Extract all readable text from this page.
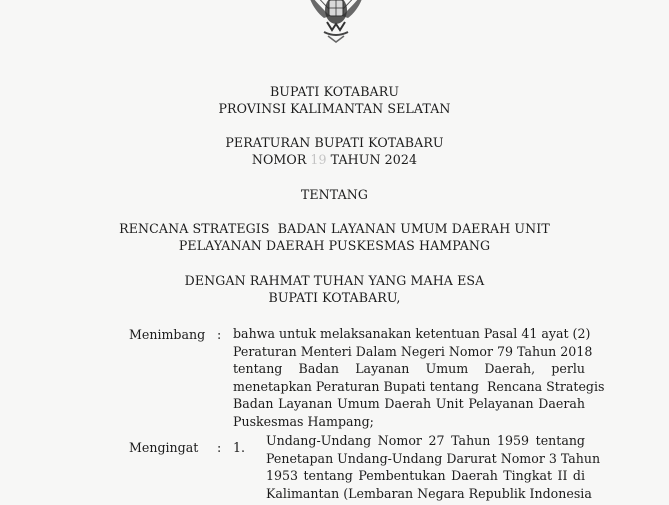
BUPATI KOTABARU
PROVINSI KALIMANTAN SELATAN
PERATURAN BUPATI KOTABARU
NOMOR 19 TAHUN 2024
TENTANG
RENCANA STRATEGIS  BADAN LAYANAN UMUM DAERAH UNIT
PELAYANAN DAERAH PUSKESMAS HAMPANG
DENGAN RAHMAT TUHAN YANG MAHA ESA
BUPATI KOTABARU,
Menimbang : bahwa untuk melaksanakan ketentuan Pasal 41 ayat (2)
Peraturan Menteri Dalam Negeri Nomor 79 Tahun 2018
tentang Badan Layanan Umum Daerah, perlu
menetapkan Peraturan Bupati tentang  Rencana Strategis
Badan Layanan Umum Daerah Unit Pelayanan Daerah
Puskesmas Hampang;
Mengingat : 1. Undang-Undang Nomor 27 Tahun 1959 tentang
Penetapan Undang-Undang Darurat Nomor 3 Tahun
1953 tentang Pembentukan Daerah Tingkat II di
Kalimantan (Lembaran Negara Republik Indonesia
